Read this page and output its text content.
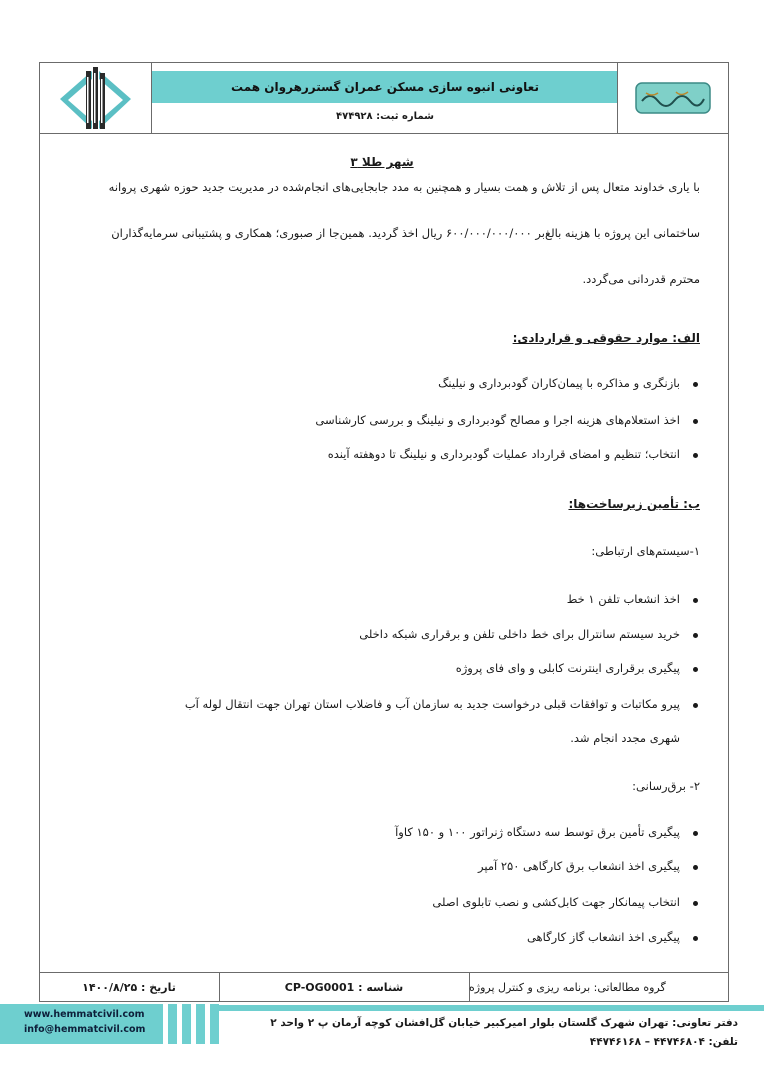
تعاونی انبوه سازی مسکن عمران گستررهروان همت
شماره ثبت: ۴۷۴۹۲۸
شهر طلا ۳
با یاری خداوند متعال پس از تلاش و همت بسیار و همچنین به مدد جابجایی‌های انجام‌شده در مدیریت جدید حوزه شهری پروانه
ساختمانی این پروژه با هزینه بالغ‌بر ۶۰۰/۰۰۰/۰۰۰/۰۰۰ ریال اخذ گردید. همین‌جا از صبوری؛ همکاری و پشتیبانی سرمایه‌گذاران
محترم قدردانی می‌گردد.
الف: موارد حقوقی و قراردادی:
بازنگری و مذاکره با پیمان‌کاران گودبرداری و نیلینگ
اخذ استعلام‌های هزینه اجرا و مصالح گودبرداری و نیلینگ و بررسی کارشناسی
انتخاب؛ تنظیم و امضای قرارداد عملیات گودبرداری و نیلینگ تا دوهفته آینده
ب: تأمین زیرساخت‌ها:
۱-سیستم‌های ارتباطی:
اخذ انشعاب تلفن ۱ خط
خرید سیستم سانترال برای خط داخلی تلفن و برقراری شبکه داخلی
پیگیری برقراری اینترنت کابلی و وای فای پروژه
پیرو مکاتبات و توافقات قبلی درخواست جدید به سازمان آب و فاضلاب استان تهران جهت انتقال لوله آب
شهری مجدد انجام شد.
۲- برق‌رسانی:
پیگیری تأمین برق توسط سه دستگاه ژنراتور ۱۰۰ و ۱۵۰ کاوآ
پیگیری اخذ انشعاب برق کارگاهی ۲۵۰ آمپر
انتخاب پیمانکار جهت کابل‌کشی و نصب تابلوی اصلی
پیگیری اخذ انشعاب گاز کارگاهی
تاریخ : ۱۴۰۰/۸/۲۵	شناسه : CP-OG0001	گروه مطالعاتی: برنامه ریزی و کنترل پروژه
www.hemmatcivil.com
info@hemmatcivil.com
دفتر تعاونی: تهران شهرک گلستان بلوار امیرکبیر خیابان گل‌افشان کوچه آرمان پ ۲ واحد ۲
تلفن: ۴۴۷۴۶۸۰۴ – ۴۴۷۴۶۱۶۸
